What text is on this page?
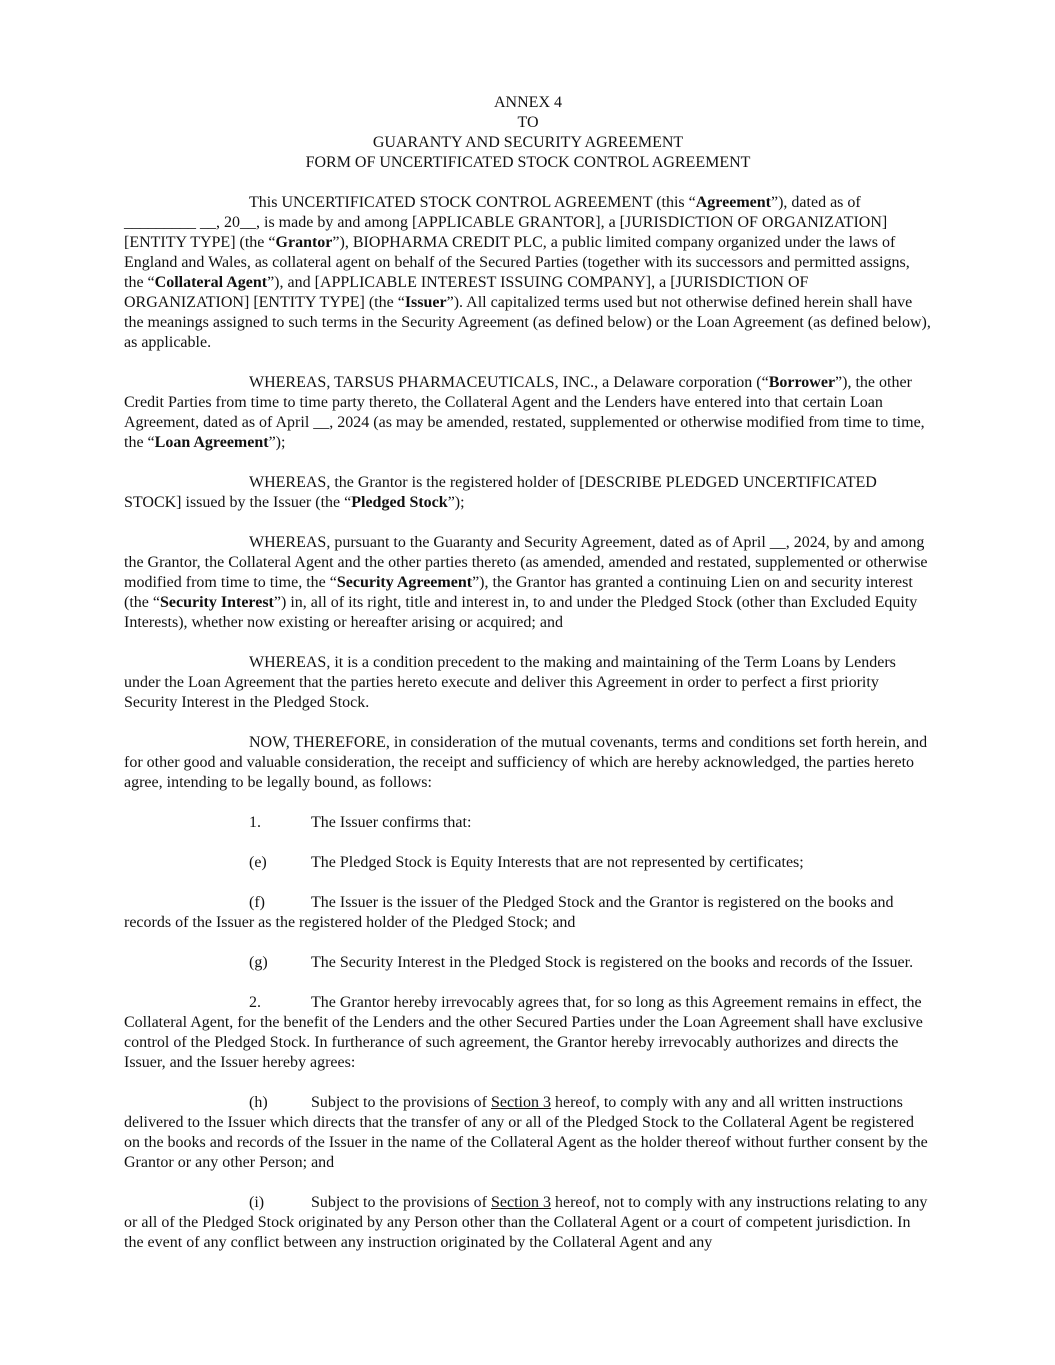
ANNEX 4
TO
GUARANTY AND SECURITY AGREEMENT
FORM OF UNCERTIFICATED STOCK CONTROL AGREEMENT

This UNCERTIFICATED STOCK CONTROL AGREEMENT (this “Agreement”), dated as of _________ __, 20__, is made by and among [APPLICABLE GRANTOR], a [JURISDICTION OF ORGANIZATION] [ENTITY TYPE] (the “Grantor”), BIOPHARMA CREDIT PLC, a public limited company organized under the laws of England and Wales, as collateral agent on behalf of the Secured Parties (together with its successors and permitted assigns, the “Collateral Agent”), and [APPLICABLE INTEREST ISSUING COMPANY], a [JURISDICTION OF ORGANIZATION] [ENTITY TYPE] (the “Issuer”). All capitalized terms used but not otherwise defined herein shall have the meanings assigned to such terms in the Security Agreement (as defined below) or the Loan Agreement (as defined below), as applicable.

WHEREAS, TARSUS PHARMACEUTICALS, INC., a Delaware corporation (“Borrower”), the other Credit Parties from time to time party thereto, the Collateral Agent and the Lenders have entered into that certain Loan Agreement, dated as of April __, 2024 (as may be amended, restated, supplemented or otherwise modified from time to time, the “Loan Agreement”);

WHEREAS, the Grantor is the registered holder of [DESCRIBE PLEDGED UNCERTIFICATED STOCK] issued by the Issuer (the “Pledged Stock”);

WHEREAS, pursuant to the Guaranty and Security Agreement, dated as of April __, 2024, by and among the Grantor, the Collateral Agent and the other parties thereto (as amended, amended and restated, supplemented or otherwise modified from time to time, the “Security Agreement”), the Grantor has granted a continuing Lien on and security interest (the “Security Interest”) in, all of its right, title and interest in, to and under the Pledged Stock (other than Excluded Equity Interests), whether now existing or hereafter arising or acquired; and

WHEREAS, it is a condition precedent to the making and maintaining of the Term Loans by Lenders under the Loan Agreement that the parties hereto execute and deliver this Agreement in order to perfect a first priority Security Interest in the Pledged Stock.

NOW, THEREFORE, in consideration of the mutual covenants, terms and conditions set forth herein, and for other good and valuable consideration, the receipt and sufficiency of which are hereby acknowledged, the parties hereto agree, intending to be legally bound, as follows:

1.	The Issuer confirms that:

(e)	The Pledged Stock is Equity Interests that are not represented by certificates;

(f)	The Issuer is the issuer of the Pledged Stock and the Grantor is registered on the books and records of the Issuer as the registered holder of the Pledged Stock; and

(g)	The Security Interest in the Pledged Stock is registered on the books and records of the Issuer.

2.	The Grantor hereby irrevocably agrees that, for so long as this Agreement remains in effect, the Collateral Agent, for the benefit of the Lenders and the other Secured Parties under the Loan Agreement shall have exclusive control of the Pledged Stock. In furtherance of such agreement, the Grantor hereby irrevocably authorizes and directs the Issuer, and the Issuer hereby agrees:

(h)	Subject to the provisions of Section 3 hereof, to comply with any and all written instructions delivered to the Issuer which directs that the transfer of any or all of the Pledged Stock to the Collateral Agent be registered on the books and records of the Issuer in the name of the Collateral Agent as the holder thereof without further consent by the Grantor or any other Person; and

(i)	Subject to the provisions of Section 3 hereof, not to comply with any instructions relating to any or all of the Pledged Stock originated by any Person other than the Collateral Agent or a court of competent jurisdiction. In the event of any conflict between any instruction originated by the Collateral Agent and any
